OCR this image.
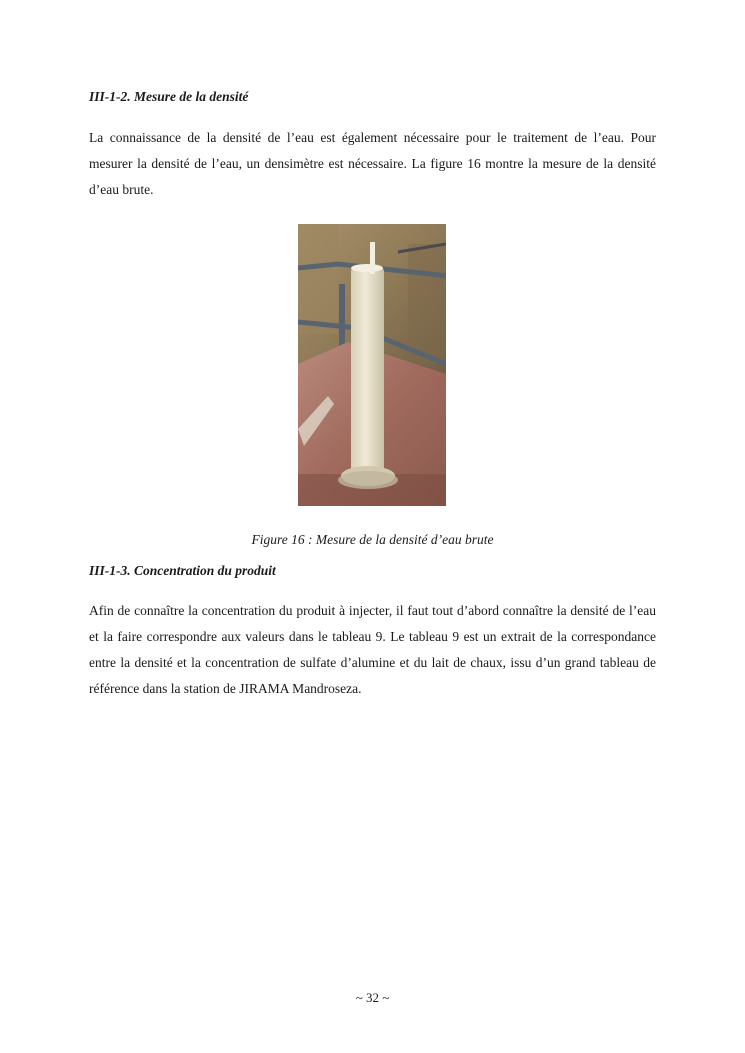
III-1-2. Mesure de la densité
La connaissance de la densité de l’eau est également nécessaire pour le traitement de l’eau. Pour mesurer la densité de l’eau, un densimètre est nécessaire. La figure 16 montre la mesure de la densité d’eau brute.
Figure 16 : Mesure de la densité d’eau brute
III-1-3. Concentration du produit
Afin de connaître la concentration du produit à injecter, il faut tout d’abord connaître la densité de l’eau et la faire correspondre aux valeurs dans le tableau 9. Le tableau 9 est un extrait de la correspondance entre la densité et la concentration de sulfate d’alumine et du lait de chaux, issu d’un grand tableau de référence dans la station de JIRAMA Mandroseza.
~ 32 ~
